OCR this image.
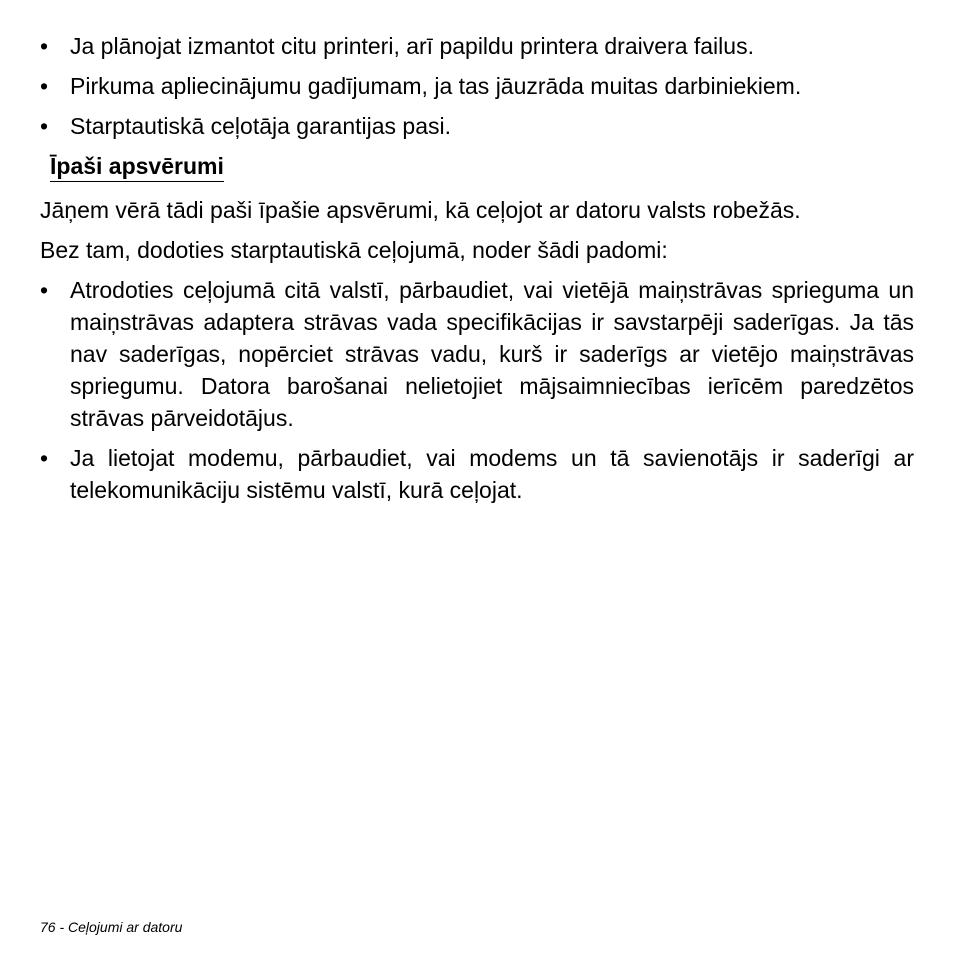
• Ja plānojat izmantot citu printeri, arī papildu printera draivera failus.
• Pirkuma apliecinājumu gadījumam, ja tas jāuzrāda muitas darbiniekiem.
• Starptautiskā ceļotāja garantijas pasi.
Īpaši apsvērumi

Jāņem vērā tādi paši īpašie apsvērumi, kā ceļojot ar datoru valsts robežās.

Bez tam, dodoties starptautiskā ceļojumā, noder šādi padomi:

• Atrodoties ceļojumā citā valstī, pārbaudiet, vai vietējā maiņstrāvas sprieguma un maiņstrāvas adaptera strāvas vada specifikācijas ir savstarpēji saderīgas. Ja tās nav saderīgas, nopērciet strāvas vadu, kurš ir saderīgs ar vietējo maiņstrāvas spriegumu. Datora barošanai nelietojiet mājsaimniecības ierīcēm paredzētos strāvas pārveidotājus.
• Ja lietojat modemu, pārbaudiet, vai modems un tā savienotājs ir saderīgi ar telekomunikāciju sistēmu valstī, kurā ceļojat.
76 - Ceļojumi ar datoru
